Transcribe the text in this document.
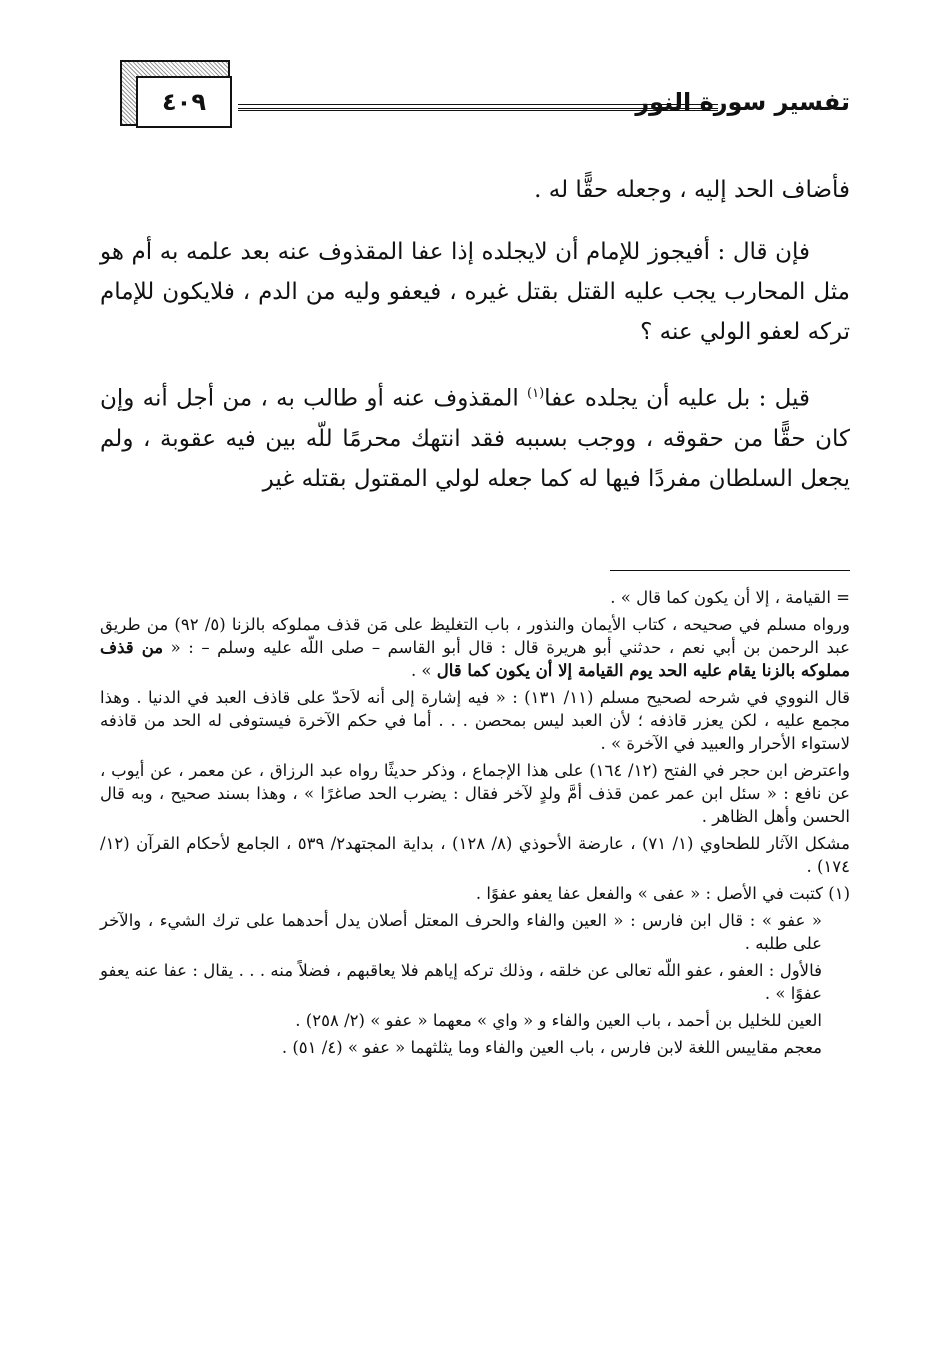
٤٠٩	تفسير سورة النور

فأضاف الحد إليه ، وجعله حقًّا له .

فإن قال : أفيجوز للإمام أن لايجلده إذا عفا المقذوف عنه بعد علمه به أم هو مثل المحارب يجب عليه القتل بقتل غيره ، فيعفو وليه من الدم ، فلايكون للإمام تركه لعفو الولي عنه ؟

قيل : بل عليه أن يجلده عفا$^{(١)}$ المقذوف عنه أو طالب به ، من أجل أنه وإن كان حقًّا من حقوقه ، ووجب بسببه فقد انتهك محرمًا للّه بين فيه عقوبة ، ولم يجعل السلطان مفردًا فيها له كما جعله لولي المقتول بقتله غير

= القيامة ، إلا أن يكون كما قال » .

ورواه مسلم في صحيحه ، كتاب الأيمان والنذور ، باب التغليظ على مَن قذف مملوكه بالزنا (٥/ ٩٢) من طريق عبد الرحمن بن أبي نعم ، حدثني أبو هريرة قال : قال أبو القاسم – صلى اللّه عليه وسلم – : « من قذف مملوكه بالزنا يقام عليه الحد يوم القيامة إلا أن يكون كما قال » .

قال النووي في شرحه لصحيح مسلم (١١/ ١٣١) : « فيه إشارة إلى أنه لاَحدّ على قاذف العبد في الدنيا . وهذا مجمع عليه ، لكن يعزر قاذفه ؛ لأن العبد ليس بمحصن . . . أما في حكم الآخرة فيستوفى له الحد من قاذفه لاستواء الأحرار والعبيد في الآخرة » .

واعترض ابن حجر في الفتح (١٢/ ١٦٤) على هذا الإجماع ، وذكر حديثًا رواه عبد الرزاق ، عن معمر ، عن أيوب ، عن نافع : « سئل ابن عمر عمن قذف أمَّ ولدٍ لآخر فقال : يضرب الحد صاغرًا » ، وهذا بسند صحيح ، وبه قال الحسن وأهل الظاهر .

مشكل الآثار للطحاوي (١/ ٧١) ، عارضة الأحوذي (٨/ ١٢٨) ، بداية المجتهد٢/ ٥٣٩ ، الجامع لأحكام القرآن (١٢/ ١٧٤) .

(١) كتبت في الأصل : « عفى » والفعل عفا يعفو عفوًا .

« عفو » : قال ابن فارس : « العين والفاء والحرف المعتل أصلان يدل أحدهما على ترك الشيء ، والآخر على طلبه .

فالأول : العفو ، عفو اللّه تعالى عن خلقه ، وذلك تركه إياهم فلا يعاقبهم ، فضلاً منه . . . يقال : عفا عنه يعفو عفوًا » .

العين للخليل بن أحمد ، باب العين والفاء و « واي » معهما « عفو » (٢/ ٢٥٨) .

معجم مقاييس اللغة لابن فارس ، باب العين والفاء وما يثلثهما « عفو » (٤/ ٥١) .
